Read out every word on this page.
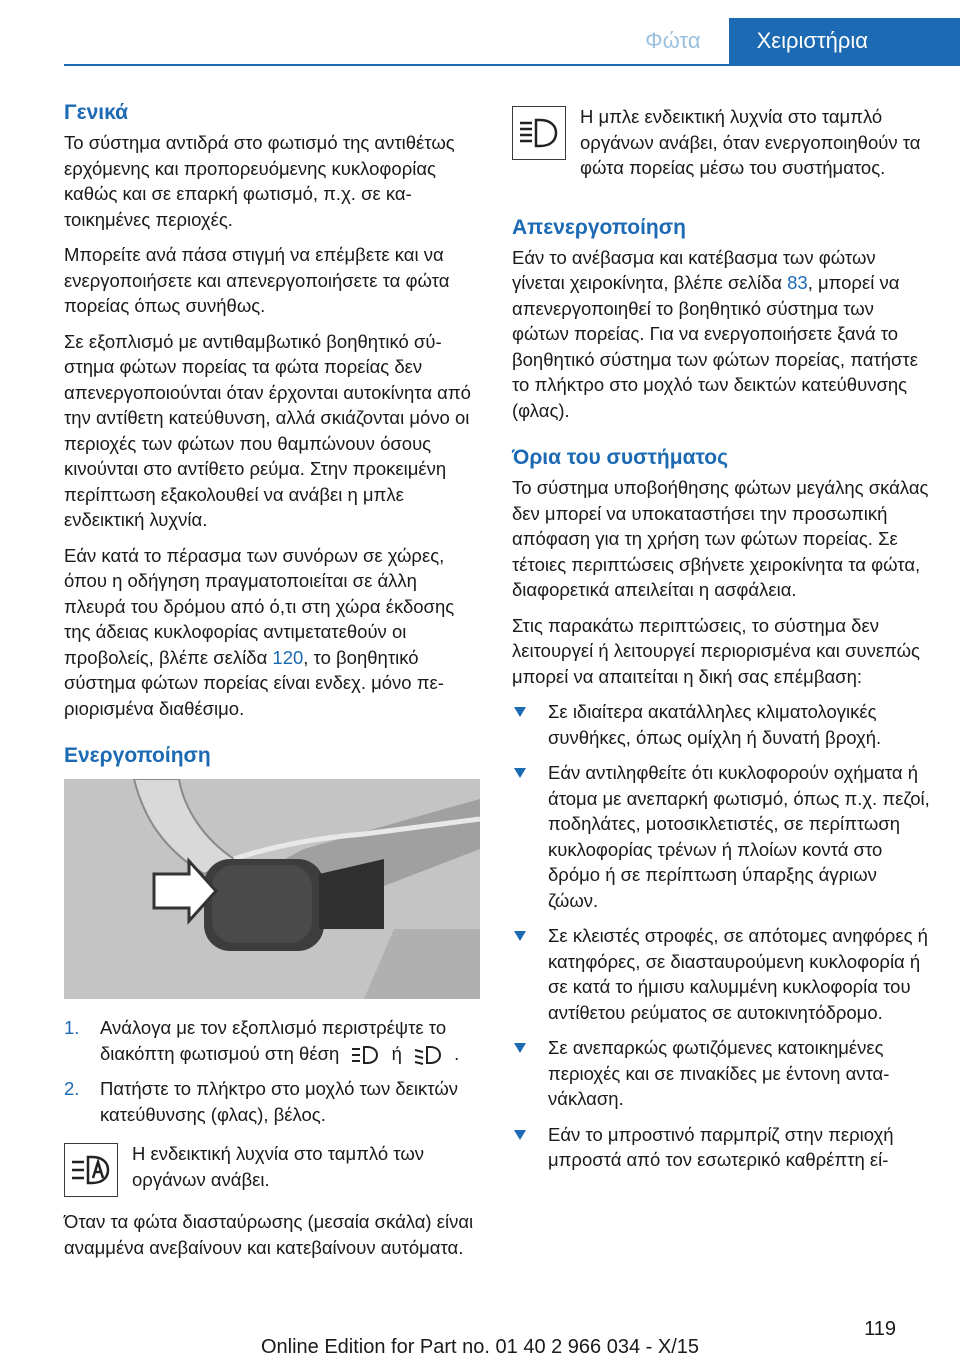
Φώτα	Χειριστήρια
Γενικά

Το σύστημα αντιδρά στο φωτισμό της αντιθέτως ερχόμενης και προπορευόμενης κυκλοφορίας καθώς και σε επαρκή φωτισμό, π.χ. σε κατοικημένες περιοχές.

Μπορείτε ανά πάσα στιγμή να επέμβετε και να ενεργοποιήσετε και απενεργοποιήσετε τα φώτα πορείας όπως συνήθως.

Σε εξοπλισμό με αντιθαμβωτικό βοηθητικό σύστημα φώτων πορείας τα φώτα πορείας δεν απενεργοποιούνται όταν έρχονται αυτοκίνητα από την αντίθετη κατεύθυνση, αλλά σκιάζονται μόνο οι περιοχές των φώτων που θαμπώνουν όσους κινούνται στο αντίθετο ρεύμα. Στην προκειμένη περίπτωση εξακολουθεί να ανάβει η μπλε ενδεικτική λυχνία.

Εάν κατά το πέρασμα των συνόρων σε χώρες, όπου η οδήγηση πραγματοποιείται σε άλλη πλευρά του δρόμου από ό,τι στη χώρα έκδοσης της άδειας κυκλοφορίας αντιμετατεθούν οι προβολείς, βλέπε σελίδα 120, το βοηθητικό σύστημα φώτων πορείας είναι ενδεχ. μόνο περιορισμένα διαθέσιμο.

Ενεργοποίηση
1. Ανάλογα με τον εξοπλισμό περιστρέψτε το διακόπτη φωτισμού στη θέση	ή	.
2. Πατήστε το πλήκτρο στο μοχλό των δεικτών κατεύθυνσης (φλας), βέλος.

Η ενδεικτική λυχνία στο ταμπλό των οργάνων ανάβει.

Όταν τα φώτα διασταύρωσης (μεσαία σκάλα) είναι αναμμένα ανεβαίνουν και κατεβαίνουν αυτόματα.

Η μπλε ενδεικτική λυχνία στο ταμπλό οργάνων ανάβει, όταν ενεργοποιηθούν τα φώτα πορείας μέσω του συστήματος.

Απενεργοποίηση

Εάν το ανέβασμα και κατέβασμα των φώτων γίνεται χειροκίνητα, βλέπε σελίδα 83, μπορεί να απενεργοποιηθεί το βοηθητικό σύστημα των φώτων πορείας. Για να ενεργοποιήσετε ξανά το βοηθητικό σύστημα των φώτων πορείας, πατήστε το πλήκτρο στο μοχλό των δεικτών κατεύθυνσης (φλας).

Όρια του συστήματος

Το σύστημα υποβοήθησης φώτων μεγάλης σκάλας δεν μπορεί να υποκαταστήσει την προσωπική απόφαση για τη χρήση των φώτων πορείας. Σε τέτοιες περιπτώσεις σβήνετε χειροκίνητα τα φώτα, διαφορετικά απειλείται η ασφάλεια.

Στις παρακάτω περιπτώσεις, το σύστημα δεν λειτουργεί ή λειτουργεί περιορισμένα και συνεπώς μπορεί να απαιτείται η δική σας επέμβαση:

Σε ιδιαίτερα ακατάλληλες κλιματολογικές συνθήκες, όπως ομίχλη ή δυνατή βροχή.
Εάν αντιληφθείτε ότι κυκλοφορούν οχήματα ή άτομα με ανεπαρκή φωτισμό, όπως π.χ. πεζοί, ποδηλάτες, μοτοσικλετιστές, σε περίπτωση κυκλοφορίας τρένων ή πλοίων κοντά στο δρόμο ή σε περίπτωση ύπαρξης άγριων ζώων.
Σε κλειστές στροφές, σε απότομες ανηφόρες ή κατηφόρες, σε διασταυρούμενη κυκλοφορία ή σε κατά το ήμισυ καλυμμένη κυκλοφορία του αντίθετου ρεύματος σε αυτοκινητόδρομο.
Σε ανεπαρκώς φωτιζόμενες κατοικημένες περιοχές και σε πινακίδες με έντονη αντανάκλαση.
Εάν το μπροστινό παρμπρίζ στην περιοχή μπροστά από τον εσωτερικό καθρέπτη εί-
119
Online Edition for Part no. 01 40 2 966 034 - X/15
Downloaded from www.Manualslib.com manuals search engine
